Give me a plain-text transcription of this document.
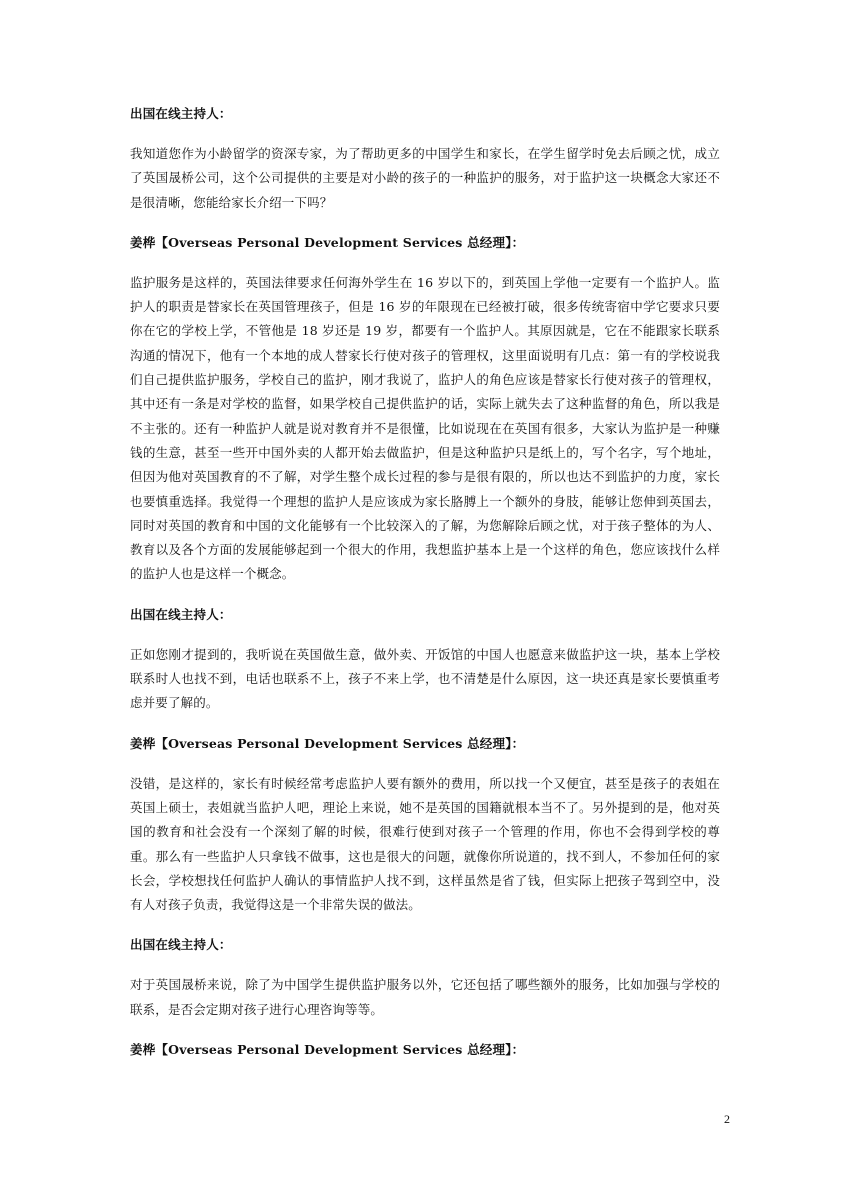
出国在线主持人：

我知道您作为小龄留学的资深专家，为了帮助更多的中国学生和家长，在学生留学时免去后顾之忧，成立了英国晟桥公司，这个公司提供的主要是对小龄的孩子的一种监护的服务，对于监护这一块概念大家还不是很清晰，您能给家长介绍一下吗？

姜桦【Overseas Personal Development Services 总经理】：

监护服务是这样的，英国法律要求任何海外学生在 16 岁以下的，到英国上学他一定要有一个监护人。监护人的职责是替家长在英国管理孩子，但是 16 岁的年限现在已经被打破，很多传统寄宿中学它要求只要你在它的学校上学，不管他是 18 岁还是 19 岁，都要有一个监护人。其原因就是，它在不能跟家长联系沟通的情况下，他有一个本地的成人替家长行使对孩子的管理权，这里面说明有几点：第一有的学校说我们自己提供监护服务，学校自己的监护，刚才我说了，监护人的角色应该是替家长行使对孩子的管理权，其中还有一条是对学校的监督，如果学校自己提供监护的话，实际上就失去了这种监督的角色，所以我是不主张的。还有一种监护人就是说对教育并不是很懂，比如说现在在英国有很多，大家认为监护是一种赚钱的生意，甚至一些开中国外卖的人都开始去做监护，但是这种监护只是纸上的，写个名字，写个地址，但因为他对英国教育的不了解，对学生整个成长过程的参与是很有限的，所以也达不到监护的力度，家长也要慎重选择。我觉得一个理想的监护人是应该成为家长胳膊上一个额外的身肢，能够让您伸到英国去，同时对英国的教育和中国的文化能够有一个比较深入的了解，为您解除后顾之忧，对于孩子整体的为人、教育以及各个方面的发展能够起到一个很大的作用，我想监护基本上是一个这样的角色，您应该找什么样的监护人也是这样一个概念。

出国在线主持人：

正如您刚才提到的，我听说在英国做生意，做外卖、开饭馆的中国人也愿意来做监护这一块，基本上学校联系时人也找不到，电话也联系不上，孩子不来上学，也不清楚是什么原因，这一块还真是家长要慎重考虑并要了解的。

姜桦【Overseas Personal Development Services 总经理】：

没错，是这样的，家长有时候经常考虑监护人要有额外的费用，所以找一个又便宜，甚至是孩子的表姐在英国上硕士，表姐就当监护人吧，理论上来说，她不是英国的国籍就根本当不了。另外提到的是，他对英国的教育和社会没有一个深刻了解的时候，很难行使到对孩子一个管理的作用，你也不会得到学校的尊重。那么有一些监护人只拿钱不做事，这也是很大的问题，就像你所说道的，找不到人，不参加任何的家长会，学校想找任何监护人确认的事情监护人找不到，这样虽然是省了钱，但实际上把孩子驾到空中，没有人对孩子负责，我觉得这是一个非常失误的做法。

出国在线主持人：

对于英国晟桥来说，除了为中国学生提供监护服务以外，它还包括了哪些额外的服务，比如加强与学校的联系，是否会定期对孩子进行心理咨询等等。

姜桦【Overseas Personal Development Services 总经理】：

2
